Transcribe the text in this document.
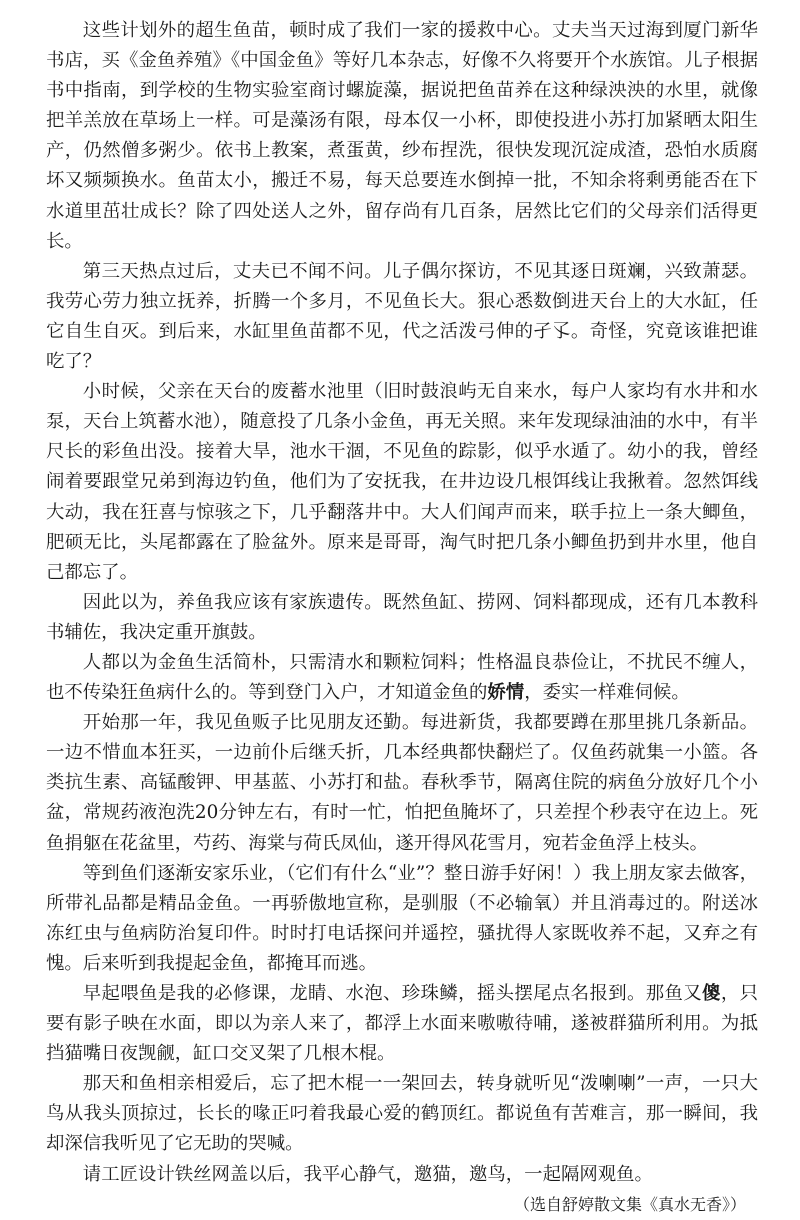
这些计划外的超生鱼苗，顿时成了我们一家的援救中心。丈夫当天过海到厦门新华书店，买《金鱼养殖》《中国金鱼》等好几本杂志，好像不久将要开个水族馆。儿子根据书中指南，到学校的生物实验室商讨螺旋藻，据说把鱼苗养在这种绿泱泱的水里，就像把羊羔放在草场上一样。可是藻汤有限，母本仅一小杯，即使投进小苏打加紧晒太阳生产，仍然僧多粥少。依书上教案，煮蛋黄，纱布捏洗，很快发现沉淀成渣，恐怕水质腐坏又频频换水。鱼苗太小，搬迁不易，每天总要连水倒掉一批，不知余将剩勇能否在下水道里茁壮成长？除了四处送人之外，留存尚有几百条，居然比它们的父母亲们活得更长。

第三天热点过后，丈夫已不闻不问。儿子偶尔探访，不见其逐日斑斓，兴致萧瑟。我劳心劳力独立抚养，折腾一个多月，不见鱼长大。狠心悉数倒进天台上的大水缸，任它自生自灭。到后来，水缸里鱼苗都不见，代之活泼弓伸的孑孓。奇怪，究竟该谁把谁吃了？

小时候，父亲在天台的废蓄水池里（旧时鼓浪屿无自来水，每户人家均有水井和水泵，天台上筑蓄水池），随意投了几条小金鱼，再无关照。来年发现绿油油的水中，有半尺长的彩鱼出没。接着大旱，池水干涸，不见鱼的踪影，似乎水遁了。幼小的我，曾经闹着要跟堂兄弟到海边钓鱼，他们为了安抚我，在井边设几根饵线让我揪着。忽然饵线大动，我在狂喜与惊骇之下，几乎翻落井中。大人们闻声而来，联手拉上一条大鲫鱼，肥硕无比，头尾都露在了脸盆外。原来是哥哥，淘气时把几条小鲫鱼扔到井水里，他自己都忘了。

因此以为，养鱼我应该有家族遗传。既然鱼缸、捞网、饲料都现成，还有几本教科书辅佐，我决定重开旗鼓。

人都以为金鱼生活简朴，只需清水和颗粒饲料；性格温良恭俭让，不扰民不缠人，也不传染狂鱼病什么的。等到登门入户，才知道金鱼的娇情，委实一样难伺候。

开始那一年，我见鱼贩子比见朋友还勤。每进新货，我都要蹲在那里挑几条新品。一边不惜血本狂买，一边前仆后继夭折，几本经典都快翻烂了。仅鱼药就集一小篮。各类抗生素、高锰酸钾、甲基蓝、小苏打和盐。春秋季节，隔离住院的病鱼分放好几个小盆，常规药液泡洗20分钟左右，有时一忙，怕把鱼腌坏了，只差捏个秒表守在边上。死鱼捐躯在花盆里，芍药、海棠与荷氏凤仙，遂开得风花雪月，宛若金鱼浮上枝头。

等到鱼们逐渐安家乐业，（它们有什么“业”？整日游手好闲！）我上朋友家去做客，所带礼品都是精品金鱼。一再骄傲地宣称，是驯服（不必输氧）并且消毒过的。附送冰冻红虫与鱼病防治复印件。时时打电话探问并遥控，骚扰得人家既收养不起，又弃之有愧。后来听到我提起金鱼，都掩耳而逃。

早起喂鱼是我的必修课，龙睛、水泡、珍珠鳞，摇头摆尾点名报到。那鱼又傻，只要有影子映在水面，即以为亲人来了，都浮上水面来嗷嗷待哺，遂被群猫所利用。为抵挡猫嘴日夜觊觎，缸口交叉架了几根木棍。

那天和鱼相亲相爱后，忘了把木棍一一架回去，转身就听见“泼喇喇”一声，一只大鸟从我头顶掠过，长长的喙正叼着我最心爱的鹤顶红。都说鱼有苦难言，那一瞬间，我却深信我听见了它无助的哭喊。

请工匠设计铁丝网盖以后，我平心静气，邀猫，邀鸟，一起隔网观鱼。

（选自舒婷散文集《真水无香》）
